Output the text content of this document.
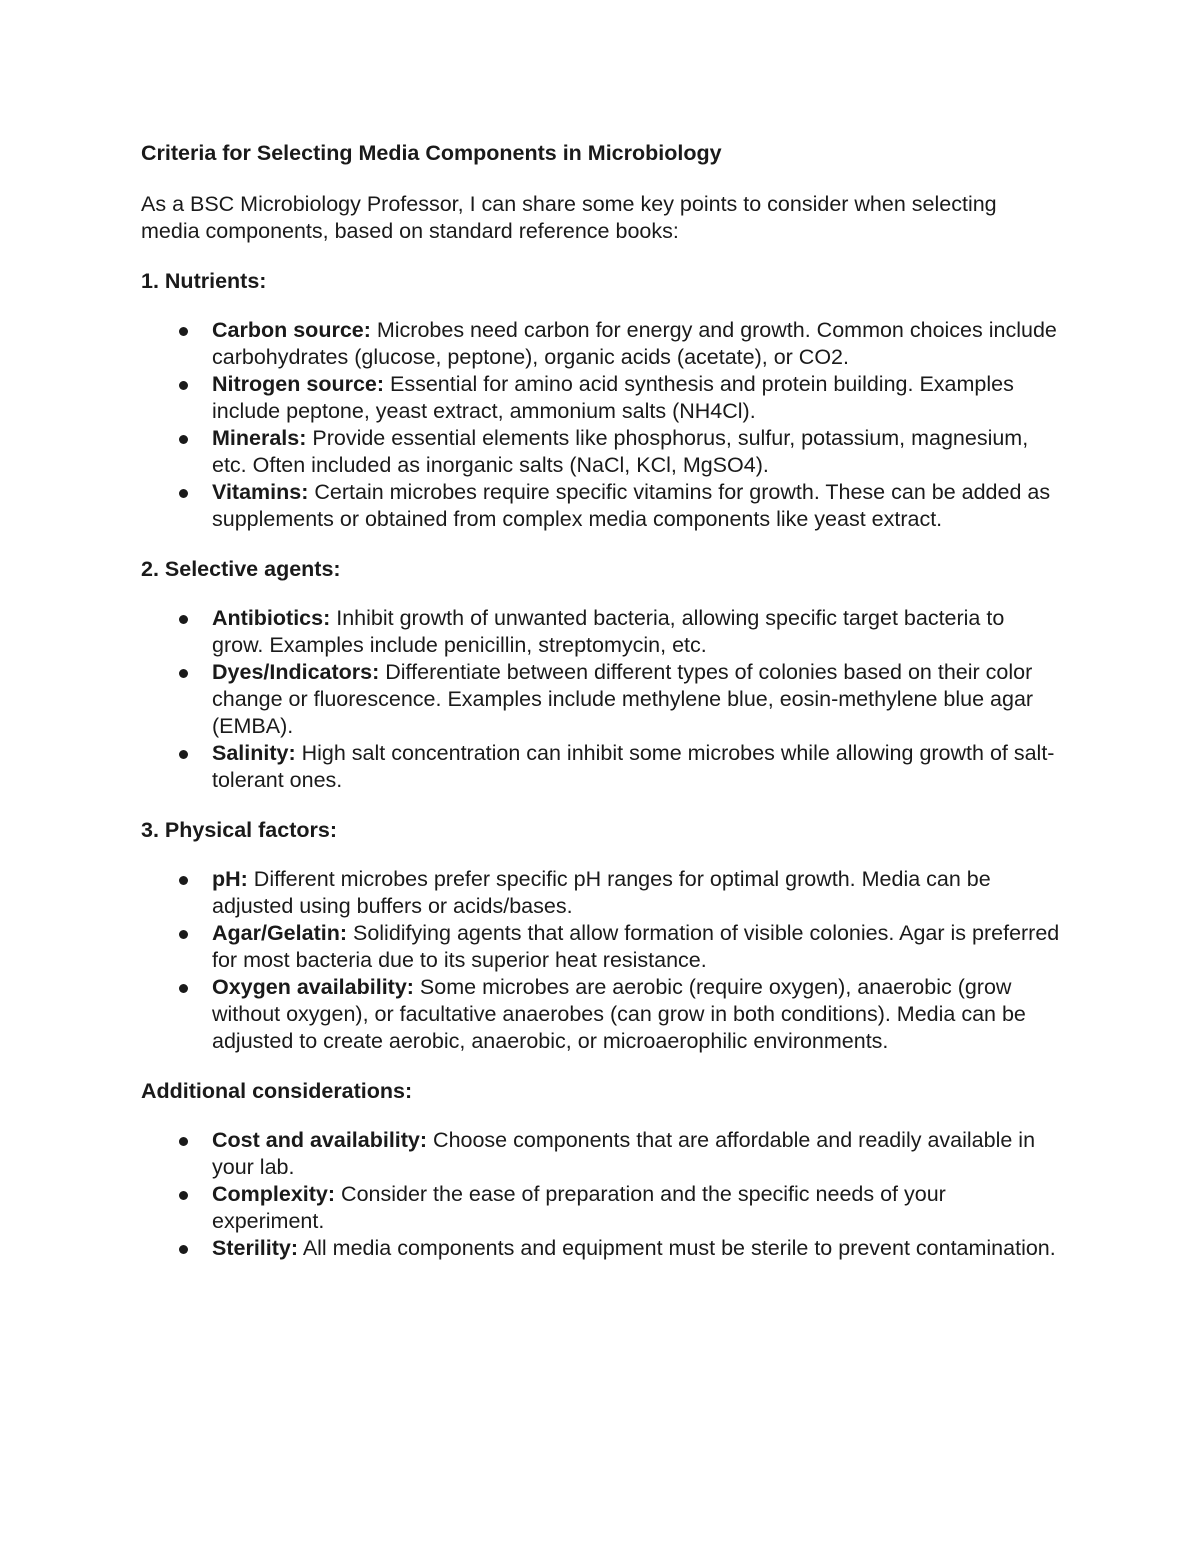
Criteria for Selecting Media Components in Microbiology
As a BSC Microbiology Professor, I can share some key points to consider when selecting media components, based on standard reference books:
1. Nutrients:
Carbon source: Microbes need carbon for energy and growth. Common choices include carbohydrates (glucose, peptone), organic acids (acetate), or CO2.
Nitrogen source: Essential for amino acid synthesis and protein building. Examples include peptone, yeast extract, ammonium salts (NH4Cl).
Minerals: Provide essential elements like phosphorus, sulfur, potassium, magnesium, etc. Often included as inorganic salts (NaCl, KCl, MgSO4).
Vitamins: Certain microbes require specific vitamins for growth. These can be added as supplements or obtained from complex media components like yeast extract.
2. Selective agents:
Antibiotics: Inhibit growth of unwanted bacteria, allowing specific target bacteria to grow. Examples include penicillin, streptomycin, etc.
Dyes/Indicators: Differentiate between different types of colonies based on their color change or fluorescence. Examples include methylene blue, eosin-methylene blue agar (EMBA).
Salinity: High salt concentration can inhibit some microbes while allowing growth of salt-tolerant ones.
3. Physical factors:
pH: Different microbes prefer specific pH ranges for optimal growth. Media can be adjusted using buffers or acids/bases.
Agar/Gelatin: Solidifying agents that allow formation of visible colonies. Agar is preferred for most bacteria due to its superior heat resistance.
Oxygen availability: Some microbes are aerobic (require oxygen), anaerobic (grow without oxygen), or facultative anaerobes (can grow in both conditions). Media can be adjusted to create aerobic, anaerobic, or microaerophilic environments.
Additional considerations:
Cost and availability: Choose components that are affordable and readily available in your lab.
Complexity: Consider the ease of preparation and the specific needs of your experiment.
Sterility: All media components and equipment must be sterile to prevent contamination.
